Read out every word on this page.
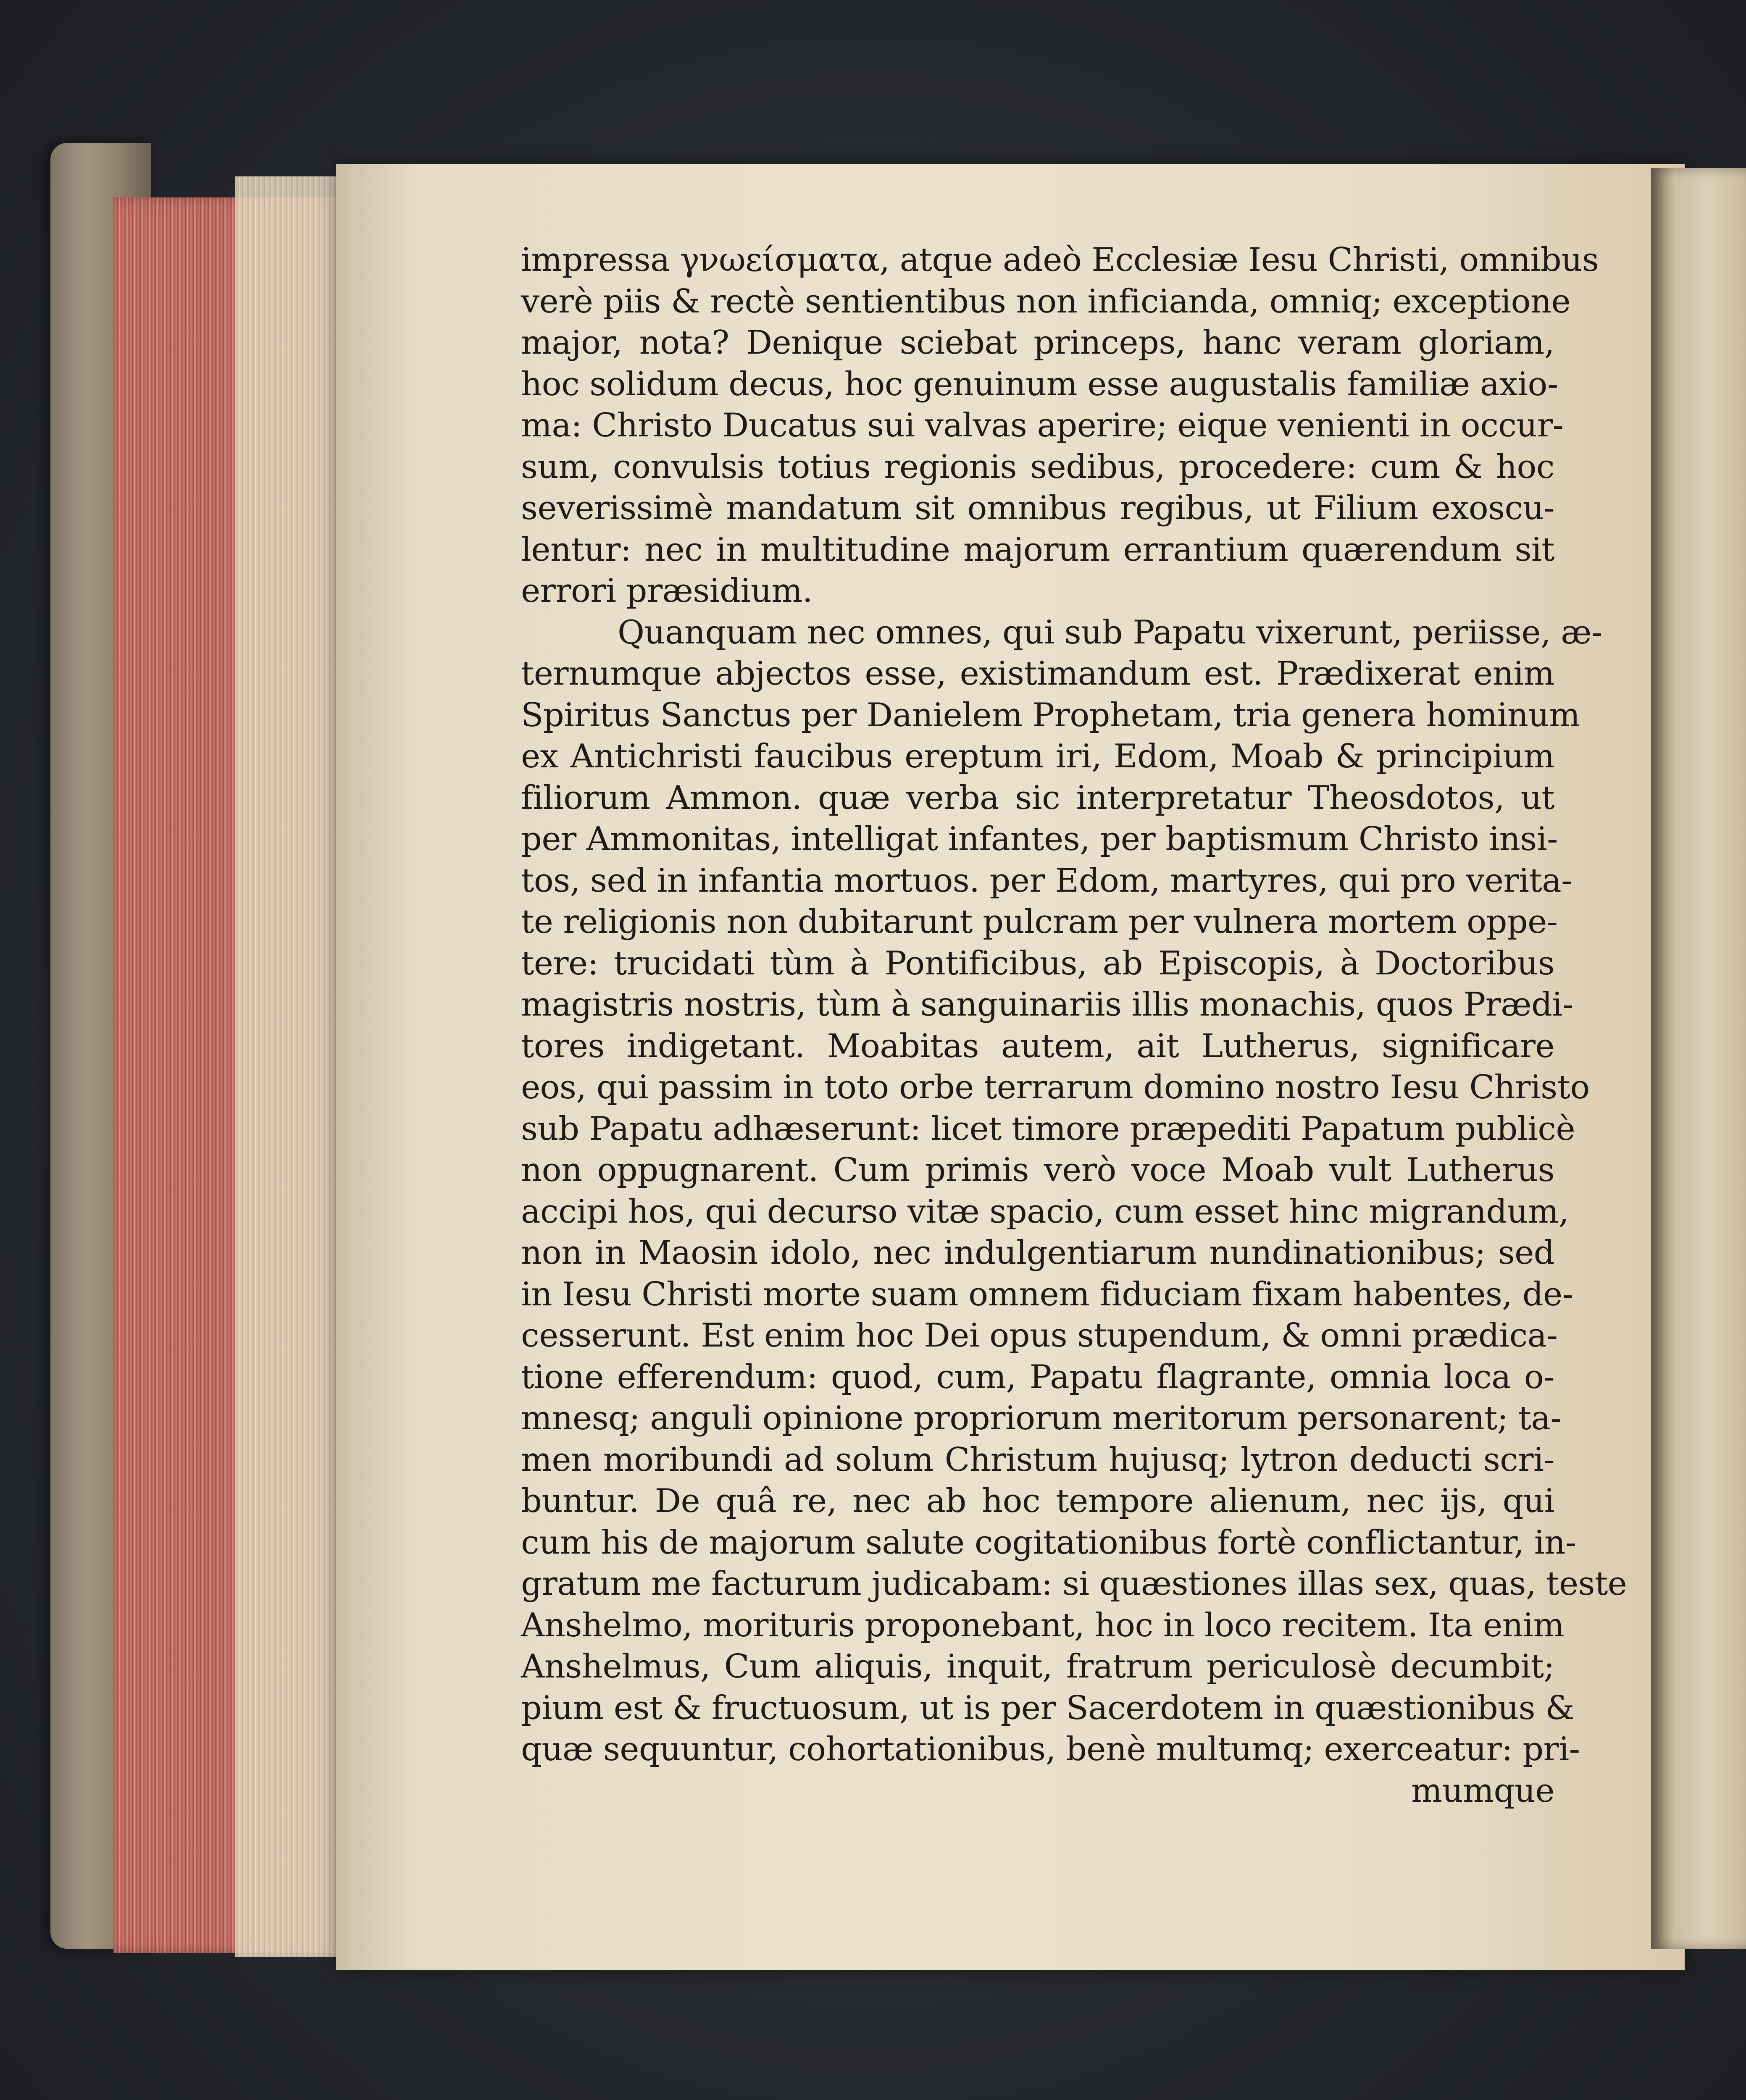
impressa γνωείσματα, atque adeò Ecclesiæ Iesu Christi, omnibus
verè piis & rectè sentientibus non inficianda, omniq; exceptione
major, nota? Denique sciebat princeps, hanc veram gloriam,
hoc solidum decus, hoc genuinum esse augustalis familiæ axio-
ma: Christo Ducatus sui valvas aperire; eique venienti in occur-
sum, convulsis totius regionis sedibus, procedere: cum & hoc
severissimè mandatum sit omnibus regibus, ut Filium exoscu-
lentur: nec in multitudine majorum errantium quærendum sit
errori præsidium.
Quanquam nec omnes, qui sub Papatu vixerunt, periisse, æ-
ternumque abjectos esse, existimandum est. Prædixerat enim
Spiritus Sanctus per Danielem Prophetam, tria genera hominum
ex Antichristi faucibus ereptum iri, Edom, Moab & principium
filiorum Ammon. quæ verba sic interpretatur Theosdotos, ut
per Ammonitas, intelligat infantes, per baptismum Christo insi-
tos, sed in infantia mortuos. per Edom, martyres, qui pro verita-
te religionis non dubitarunt pulcram per vulnera mortem oppe-
tere: trucidati tùm à Pontificibus, ab Episcopis, à Doctoribus
magistris nostris, tùm à sanguinariis illis monachis, quos Prædi-
tores indigetant. Moabitas autem, ait Lutherus, significare
eos, qui passim in toto orbe terrarum domino nostro Iesu Christo
sub Papatu adhæserunt: licet timore præpediti Papatum publicè
non oppugnarent. Cum primis verò voce Moab vult Lutherus
accipi hos, qui decurso vitæ spacio, cum esset hinc migrandum,
non in Maosin idolo, nec indulgentiarum nundinationibus; sed
in Iesu Christi morte suam omnem fiduciam fixam habentes, de-
cesserunt. Est enim hoc Dei opus stupendum, & omni prædica-
tione efferendum: quod, cum, Papatu flagrante, omnia loca o-
mnesq; anguli opinione propriorum meritorum personarent; ta-
men moribundi ad solum Christum hujusq; lytron deducti scri-
buntur. De quâ re, nec ab hoc tempore alienum, nec ijs, qui
cum his de majorum salute cogitationibus fortè conflictantur, in-
gratum me facturum judicabam: si quæstiones illas sex, quas, teste
Anshelmo, morituris proponebant, hoc in loco recitem. Ita enim
Anshelmus, Cum aliquis, inquit, fratrum periculosè decumbit;
pium est & fructuosum, ut is per Sacerdotem in quæstionibus &
quæ sequuntur, cohortationibus, benè multumq; exerceatur: pri-
mumque
